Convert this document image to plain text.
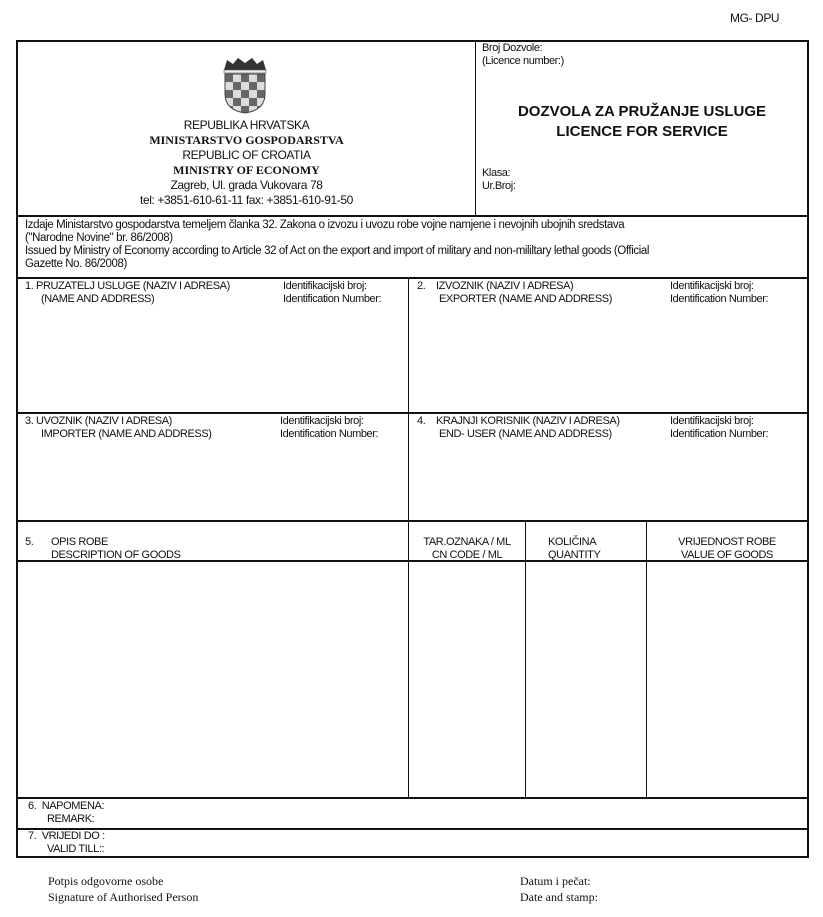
MG- DPU
REPUBLIKA HRVATSKA
MINISTARSTVO GOSPODARSTVA
REPUBLIC OF CROATIA
MINISTRY OF ECONOMY
Zagreb, Ul. grada Vukovara 78
tel: +3851-610-61-11 fax: +3851-610-91-50
Broj Dozvole:
(Licence number:)
DOZVOLA ZA PRUŽANJE USLUGE
LICENCE FOR SERVICE
Klasa:
Ur.Broj:
Izdaje Ministarstvo gospodarstva temeljem članka 32. Zakona o izvozu i uvozu robe vojne namjene i nevojnih ubojnih sredstava
("Narodne Novine" br. 86/2008)
Issued by Ministry of Economy according to Article 32 of Act on the export and import of military and non-mililtary lethal goods (Official
Gazette No. 86/2008)
1. PRUZATELJ USLUGE (NAZIV I ADRESA)
(NAME AND ADDRESS)
Identifikacijski broj:
Identification Number:
2. IZVOZNIK (NAZIV I ADRESA)
EXPORTER (NAME AND ADDRESS)
Identifikacijski broj:
Identification Number:
3. UVOZNIK (NAZIV I ADRESA)
IMPORTER (NAME AND ADDRESS)
Identifikacijski broj:
Identification Number:
4. KRAJNJI KORISNIK (NAZIV I ADRESA)
END- USER (NAME AND ADDRESS)
Identifikacijski broj:
Identification Number:
5. OPIS ROBE
DESCRIPTION OF GOODS
TAR.OZNAKA / ML
CN CODE / ML
KOLIČINA
QUANTITY
VRIJEDNOST ROBE
VALUE OF GOODS
6. NAPOMENA:
REMARK:
7. VRIJEDI DO :
VALID TILL::
Potpis odgovorne osobe
Signature of Authorised Person
Datum i pečat:
Date and stamp:
